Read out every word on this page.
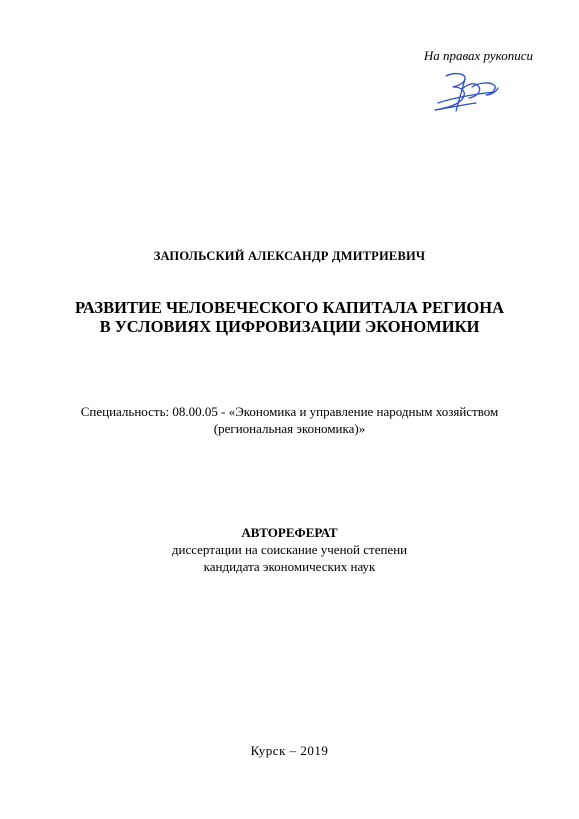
На правах рукописи
ЗАПОЛЬСКИЙ АЛЕКСАНДР ДМИТРИЕВИЧ
РАЗВИТИЕ ЧЕЛОВЕЧЕСКОГО КАПИТАЛА РЕГИОНА
В УСЛОВИЯХ ЦИФРОВИЗАЦИИ ЭКОНОМИКИ
Специальность: 08.00.05 - «Экономика и управление народным хозяйством
(региональная экономика)»
АВТОРЕФЕРАТ
диссертации на соискание ученой степени
кандидата экономических наук
Курск – 2019
